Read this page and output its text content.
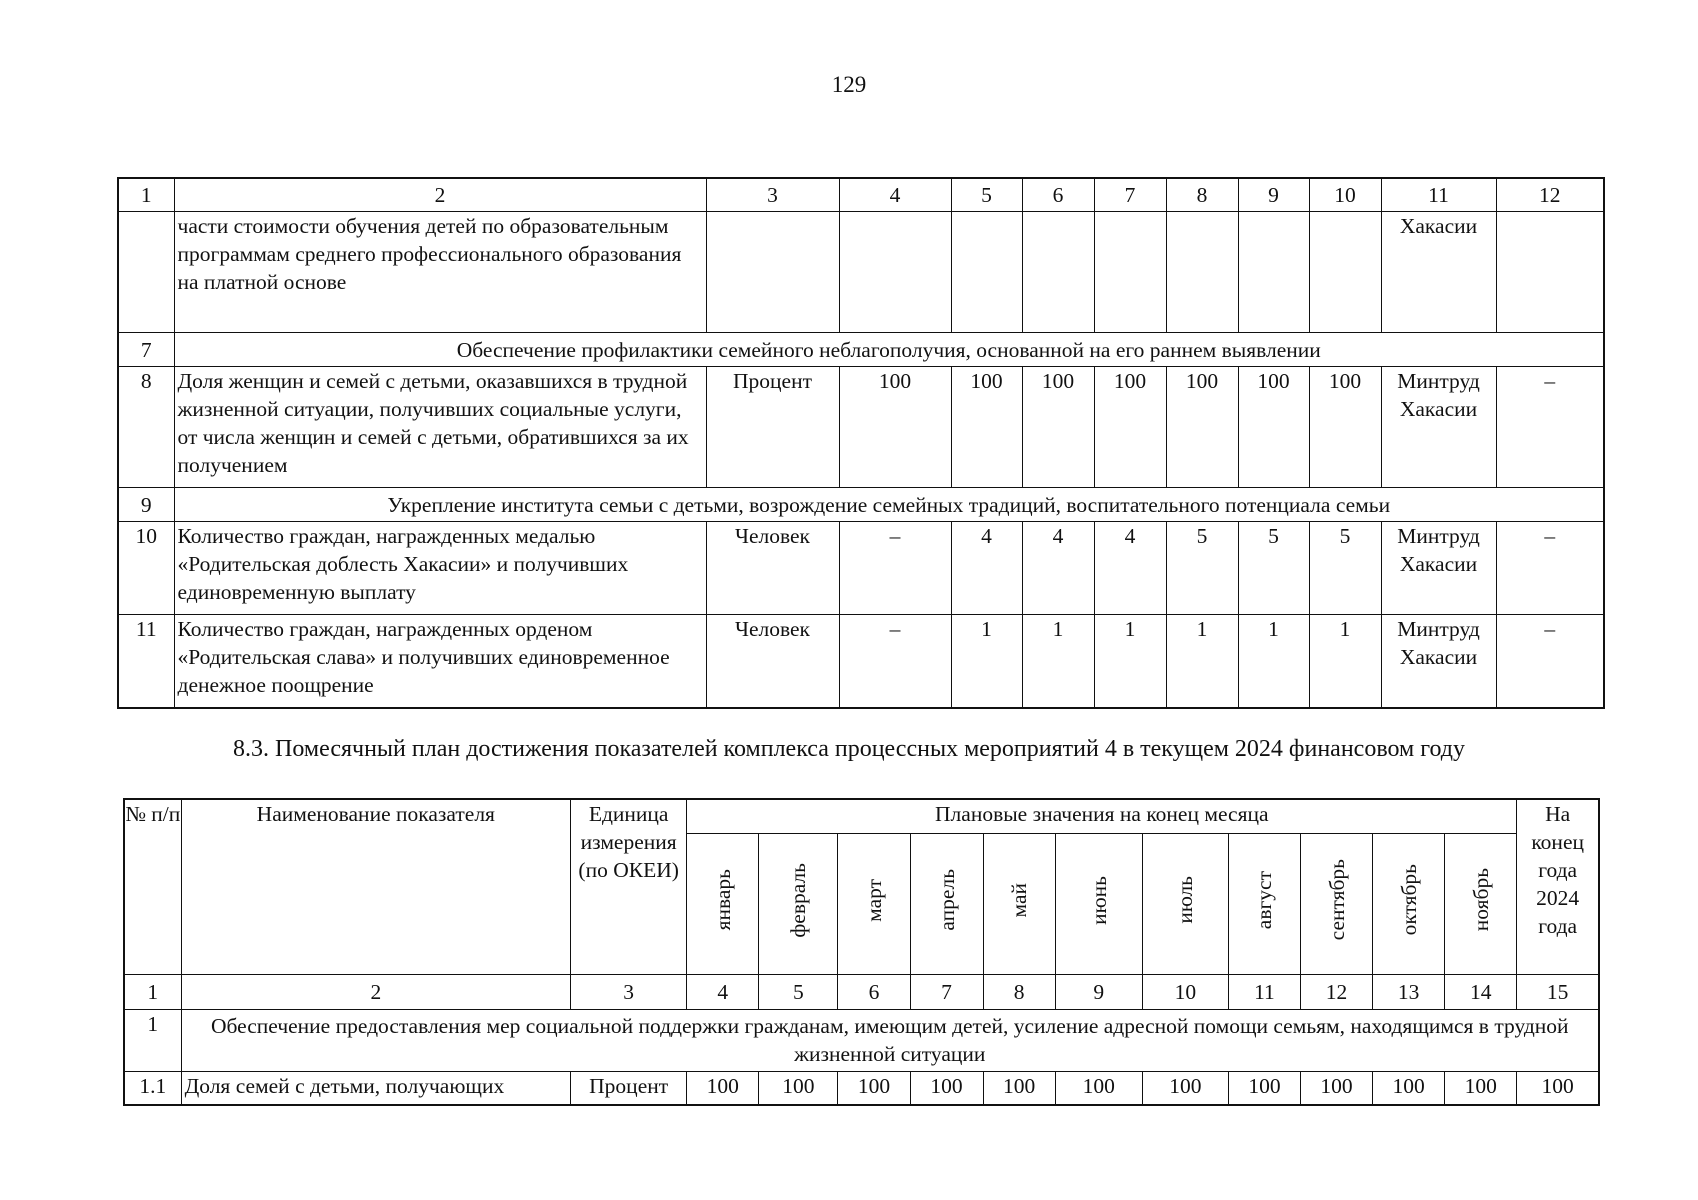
129
1	2	3	4	5	6	7	8	9	10	11	12
	части стоимости обучения детей по образовательным программам среднего профессионального образования на платной основе									Хакасии	
7	Обеспечение профилактики семейного неблагополучия, основанной на его раннем выявлении										
8	Доля женщин и семей с детьми, оказавшихся в трудной жизненной ситуации, получивших социальные услуги, от числа женщин и семей с детьми, обратившихся за их получением	Процент	100	100	100	100	100	100	100	Минтруд Хакасии	–
9	Укрепление института семьи с детьми, возрождение семейных традиций, воспитательного потенциала семьи										
10	Количество граждан, награжденных медалью «Родительская доблесть Хакасии» и получивших единовременную выплату	Человек	–	4	4	4	5	5	5	Минтруд Хакасии	–
11	Количество граждан, награжденных орденом «Родительская слава» и получивших единовременное денежное поощрение	Человек	–	1	1	1	1	1	1	Минтруд Хакасии	–
8.3. Помесячный план достижения показателей комплекса процессных мероприятий 4 в текущем 2024 финансовом году
№ п/п	Наименование показателя	Единица измерения (по ОКЕИ)	Плановые значения на конец месяца											На конец года 2024 года
			январь	февраль	март	апрель	май	июнь	июль	август	сентябрь	октябрь	ноябрь	
1	2	3	4	5	6	7	8	9	10	11	12	13	14	15
1	Обеспечение предоставления мер социальной поддержки гражданам, имеющим детей, усиление адресной помощи семьям, находящимся в трудной жизненной ситуации													
1.1	Доля семей с детьми, получающих	Процент	100	100	100	100	100	100	100	100	100	100	100	100
